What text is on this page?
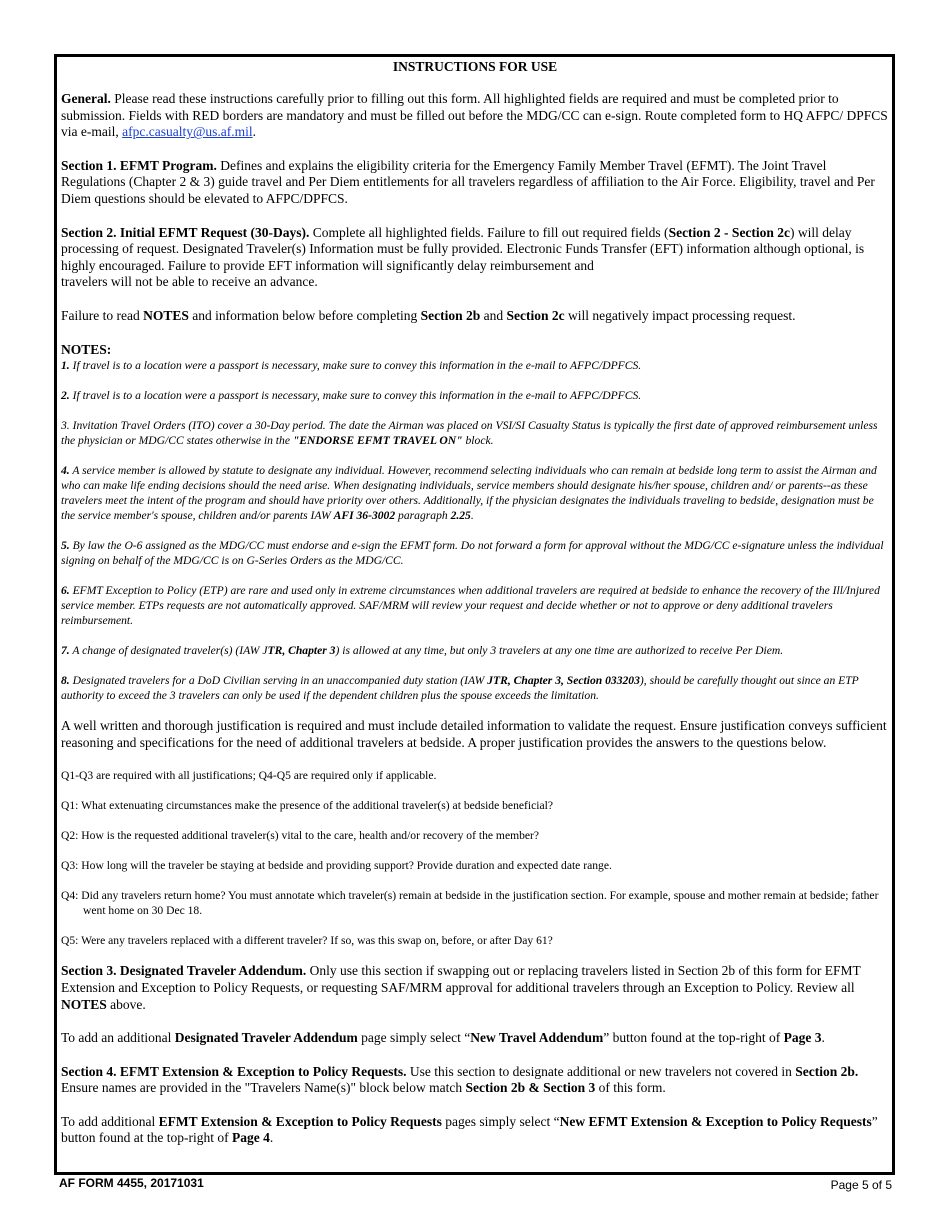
INSTRUCTIONS FOR USE

General. Please read these instructions carefully prior to filling out this form. All highlighted fields are required and must be completed prior to submission. Fields with RED borders are mandatory and must be filled out before the MDG/CC can e-sign. Route completed form to HQ AFPC/ DPFCS via e-mail, afpc.casualty@us.af.mil.

Section 1. EFMT Program. Defines and explains the eligibility criteria for the Emergency Family Member Travel (EFMT). The Joint Travel Regulations (Chapter 2 & 3) guide travel and Per Diem entitlements for all travelers regardless of affiliation to the Air Force. Eligibility, travel and Per Diem questions should be elevated to AFPC/DPFCS.

Section 2. Initial EFMT Request (30-Days). Complete all highlighted fields. Failure to fill out required fields (Section 2 - Section 2c) will delay processing of request. Designated Traveler(s) Information must be fully provided. Electronic Funds Transfer (EFT) information although optional, is highly encouraged. Failure to provide EFT information will significantly delay reimbursement and
travelers will not be able to receive an advance.

Failure to read NOTES and information below before completing Section 2b and Section 2c will negatively impact processing request.

NOTES:

1. If travel is to a location were a passport is necessary, make sure to convey this information in the e-mail to AFPC/DPFCS.

2. If travel is to a location were a passport is necessary, make sure to convey this information in the e-mail to AFPC/DPFCS.

3. Invitation Travel Orders (ITO) cover a 30-Day period. The date the Airman was placed on VSI/SI Casualty Status is typically the first date of approved reimbursement unless the physician or MDG/CC states otherwise in the "ENDORSE EFMT TRAVEL ON" block.

4. A service member is allowed by statute to designate any individual. However, recommend selecting individuals who can remain at bedside long term to assist the Airman and who can make life ending decisions should the need arise. When designating individuals, service members should designate his/her spouse, children and/ or parents--as these travelers meet the intent of the program and should have priority over others. Additionally, if the physician designates the individuals traveling to bedside, designation must be the service member's spouse, children and/or parents IAW AFI 36-3002 paragraph 2.25.

5. By law the O-6 assigned as the MDG/CC must endorse and e-sign the EFMT form. Do not forward a form for approval without the MDG/CC e-signature unless the individual signing on behalf of the MDG/CC is on G-Series Orders as the MDG/CC.

6. EFMT Exception to Policy (ETP) are rare and used only in extreme circumstances when additional travelers are required at bedside to enhance the recovery of the Ill/Injured service member. ETPs requests are not automatically approved. SAF/MRM will review your request and decide whether or not to approve or deny additional travelers reimbursement.

7. A change of designated traveler(s) (IAW JTR, Chapter 3) is allowed at any time, but only 3 travelers at any one time are authorized to receive Per Diem.

8. Designated travelers for a DoD Civilian serving in an unaccompanied duty station (IAW JTR, Chapter 3, Section 033203), should be carefully thought out since an ETP authority to exceed the 3 travelers can only be used if the dependent children plus the spouse exceeds the limitation.

A well written and thorough justification is required and must include detailed information to validate the request. Ensure justification conveys sufficient reasoning and specifications for the need of additional travelers at bedside. A proper justification provides the answers to the questions below.

Q1-Q3 are required with all justifications; Q4-Q5 are required only if applicable.

Q1: What extenuating circumstances make the presence of the additional traveler(s) at bedside beneficial?

Q2: How is the requested additional traveler(s) vital to the care, health and/or recovery of the member?

Q3: How long will the traveler be staying at bedside and providing support? Provide duration and expected date range.

Q4: Did any travelers return home? You must annotate which traveler(s) remain at bedside in the justification section. For example, spouse and mother remain at bedside; father went home on 30 Dec 18.

Q5: Were any travelers replaced with a different traveler? If so, was this swap on, before, or after Day 61?

Section 3. Designated Traveler Addendum. Only use this section if swapping out or replacing travelers listed in Section 2b of this form for EFMT Extension and Exception to Policy Requests, or requesting SAF/MRM approval for additional travelers through an Exception to Policy. Review all NOTES above.

To add an additional Designated Traveler Addendum page simply select “New Travel Addendum” button found at the top-right of Page 3.

Section 4. EFMT Extension & Exception to Policy Requests. Use this section to designate additional or new travelers not covered in Section 2b. Ensure names are provided in the "Travelers Name(s)" block below match Section 2b & Section 3 of this form.

To add additional EFMT Extension & Exception to Policy Requests pages simply select “New EFMT Extension & Exception to Policy Requests” button found at the top-right of Page 4.

AF FORM 4455, 20171031	Page 5 of 5
